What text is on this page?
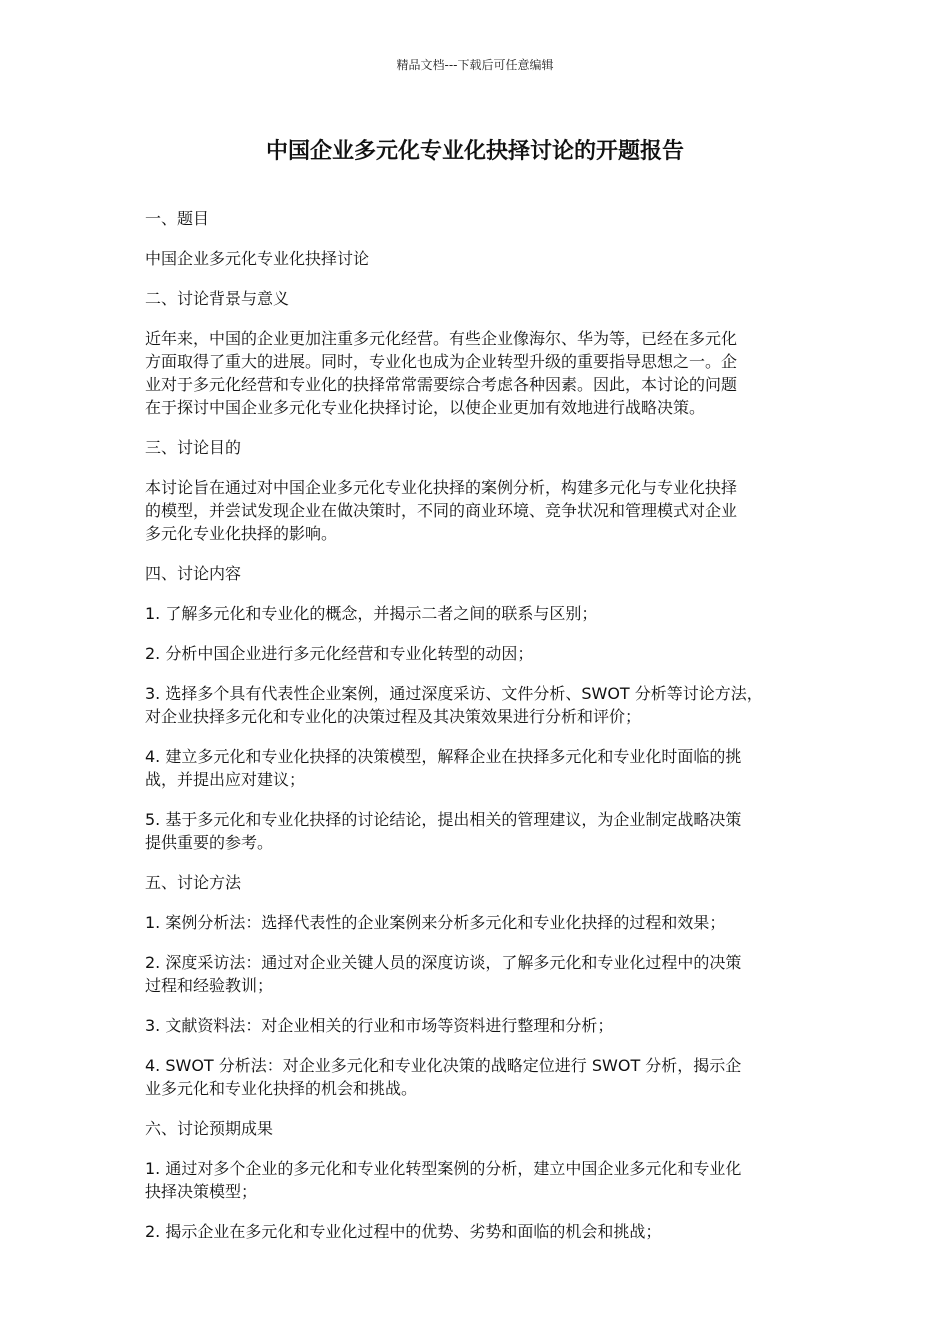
精品文档---下载后可任意编辑
中国企业多元化专业化抉择讨论的开题报告

一、题目

中国企业多元化专业化抉择讨论

二、讨论背景与意义

近年来，中国的企业更加注重多元化经营。有些企业像海尔、华为等，已经在多元化
方面取得了重大的进展。同时，专业化也成为企业转型升级的重要指导思想之一。企
业对于多元化经营和专业化的抉择常常需要综合考虑各种因素。因此，本讨论的问题
在于探讨中国企业多元化专业化抉择讨论，以使企业更加有效地进行战略决策。

三、讨论目的

本讨论旨在通过对中国企业多元化专业化抉择的案例分析，构建多元化与专业化抉择
的模型，并尝试发现企业在做决策时，不同的商业环境、竞争状况和管理模式对企业
多元化专业化抉择的影响。

四、讨论内容

1. 了解多元化和专业化的概念，并揭示二者之间的联系与区别；

2. 分析中国企业进行多元化经营和专业化转型的动因；

3. 选择多个具有代表性企业案例，通过深度采访、文件分析、SWOT 分析等讨论方法，
对企业抉择多元化和专业化的决策过程及其决策效果进行分析和评价；

4. 建立多元化和专业化抉择的决策模型，解释企业在抉择多元化和专业化时面临的挑
战，并提出应对建议；

5. 基于多元化和专业化抉择的讨论结论，提出相关的管理建议，为企业制定战略决策
提供重要的参考。

五、讨论方法

1. 案例分析法：选择代表性的企业案例来分析多元化和专业化抉择的过程和效果；

2. 深度采访法：通过对企业关键人员的深度访谈，了解多元化和专业化过程中的决策
过程和经验教训；

3. 文献资料法：对企业相关的行业和市场等资料进行整理和分析；

4. SWOT 分析法：对企业多元化和专业化决策的战略定位进行 SWOT 分析，揭示企
业多元化和专业化抉择的机会和挑战。

六、讨论预期成果

1. 通过对多个企业的多元化和专业化转型案例的分析，建立中国企业多元化和专业化
抉择决策模型；

2. 揭示企业在多元化和专业化过程中的优势、劣势和面临的机会和挑战；
